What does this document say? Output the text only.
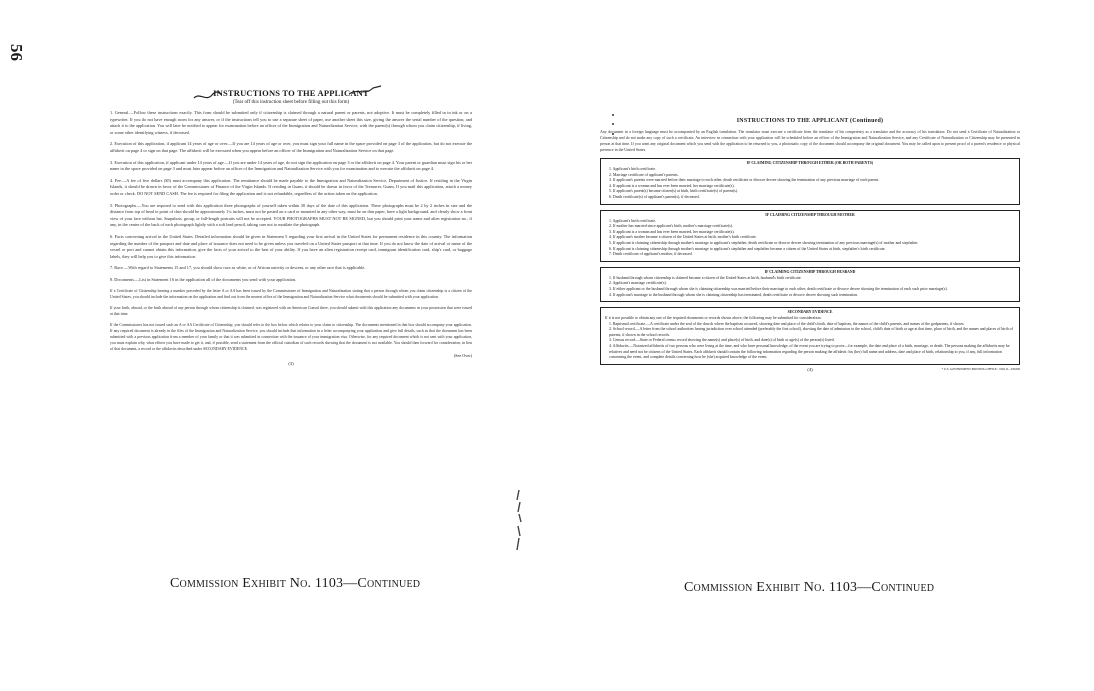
56
INSTRUCTIONS TO THE APPLICANT
(Tear off this instruction sheet before filling out this form)
1. General.—Follow these instructions exactly. This form should be submitted only if citizenship is claimed through a natural parent or parents, not adoptive. It must be completely filled in in ink or on a typewriter. If you do not have enough room for any answer, or if the instructions tell you to use a separate sheet of paper, use another sheet this size, giving the answer the serial number of the question, and attach it to the application. You will later be notified to appear for examination before an officer of the Immigration and Naturalization Service, with the parent(s) through whom you claim citizenship, if living, or some other identifying witness, if deceased.
2. Execution of this application, if applicant 14 years of age or over.—If you are 14 years of age or over, you must sign your full name in the space provided on page 3 of the application, but do not execute the affidavit on page 4 or sign on that page. The affidavit will be executed when you appear before an officer of the Immigration and Naturalization Service on that page.
3. Execution of this application, if applicant under 14 years of age.—If you are under 14 years of age, do not sign the application on page 3 or the affidavit on page 4. Your parent or guardian must sign his or her name in the space provided on page 3 and must later appear before an officer of the Immigration and Naturalization Service with you for examination and to execute the affidavit on page 4.
4. Fee.—A fee of five dollars ($5) must accompany this application. The remittance should be made payable to the Immigration and Naturalization Service, Department of Justice. If residing in the Virgin Islands, it should be drawn in favor of the Commissioner of Finance of the Virgin Islands. If residing in Guam, it should be drawn in favor of the Treasurer, Guam. If you mail this application, attach a money order or check. DO NOT SEND CASH. The fee is required for filing the application and is not refundable, regardless of the action taken on the application.
5. Photographs.—You are required to send with this application three photographs of yourself taken within 30 days of the date of this application. These photographs must be 2 by 2 inches in size and the distance from top of head to point of chin should be approximately 1¼ inches, must not be pasted on a card or mounted in any other way, must be on thin paper, have a light background, and clearly show a front view of your face without hat. Snapshots, group, or full-length portraits will not be accepted. YOUR PHOTOGRAPHS MUST NOT BE SIGNED, but you should print your name and alien registration no., if any, in the center of the back of each photograph lightly with a soft lead pencil, taking care not to mutilate the photograph.
6. Facts concerning arrival in the United States. Detailed information should be given in Statement 5 regarding your first arrival in the United States for permanent residence in this country. The information regarding the number of the passport and date and place of issuance does not need to be given unless you traveled on a United States passport at that time. If you do not know the date of arrival or name of the vessel or port and cannot obtain this information, give the facts of your arrival to the best of your ability. If you have an alien registration receipt card, immigrant identification card, ship's card, or baggage labels, they will help you to give this information.
7. Race.—With regard to Statements 15 and 17, you should show race as white, or of African nativity or descent, or any other race that is applicable.
8. Documents.—List in Statement 16 in the application all of the documents you send with your application.
If a Certificate of Citizenship bearing a number preceded by the letter A or AA has been issued by the Commissioner of Immigration and Naturalization stating that a person through whom you claim citizenship is a citizen of the United States, you should include the information on the application and find out from the nearest office of the Immigration and Naturalization Service what documents should be submitted with your application.
If your birth, abroad, or the birth abroad of any person through whom citizenship is claimed, was registered with an American Consul there, you should submit with this application any documents in your possession that were issued at that time.
If the Commissioner has not issued such an A or AA Certificate of Citizenship, you should refer to the box below which relates to your claim to citizenship. The documents mentioned in that box should accompany your application. If any required document is already in the files of the Immigration and Naturalization Service, you should include that information in a letter accompanying your application and give full details, such as that the document has been submitted with a previous application from a member of your family or that it was submitted in connection with the issuance of your immigration visa. Otherwise, for any required document which is not sent with your application, you must explain why, what efforts you have made to get it, and, if possible, send a statement from the official custodian of such records showing that the document is not available. You should then forward for consideration, in lieu of that document, a record or the affidavits described under SECONDARY EVIDENCE.
(See Over)
(3)
INSTRUCTIONS TO THE APPLICANT (Continued)
Any document in a foreign language must be accompanied by an English translation. The translator must execute a certificate from the translator of his competency as a translator and the accuracy of his translation. Do not send a Certificate of Naturalization or Citizenship and do not make any copy of such a certificate. An interview in connection with your application will be scheduled before an officer of the Immigration and Naturalization Service, and any Certificate of Naturalization or Citizenship may be presented in person at that time. If you want any original document which you send with the application to be returned to you, a photostatic copy of the document should accompany the original document. You may be called upon to present proof of a parent's residence or physical presence in the United States.
IF CLAIMING CITIZENSHIP THROUGH EITHER (OR BOTH PARENTS)
1. Applicant's birth certificate.
2. Marriage certificate of applicant's parents.
3. If applicant's parents were married before their marriage to each other, death certificate or divorce decree showing the termination of any previous marriage of each parent.
4. If applicant is a woman and has ever been married, her marriage certificate(s).
5. If applicant's parent(s) became citizen(s) at birth, birth certificate(s) of parent(s).
6. Death certificate(s) of applicant's parent(s), if deceased.
IF CLAIMING CITIZENSHIP THROUGH MOTHER
1. Applicant's birth certificate.
2. If mother has married since applicant's birth, mother's marriage certificate(s).
3. If applicant is a woman and has ever been married, her marriage certificate(s).
4. If applicant's mother became a citizen of the United States at birth, mother's birth certificate.
5. If applicant is claiming citizenship through mother's marriage to applicant's stepfather, death certificate or divorce decree showing termination of any previous marriage(s) of mother and stepfather.
6. If applicant is claiming citizenship through mother's marriage to applicant's stepfather and stepfather became a citizen of the United States at birth, stepfather's birth certificate.
7. Death certificate of applicant's mother, if deceased.
IF CLAIMING CITIZENSHIP THROUGH HUSBAND
1. If husband through whom citizenship is claimed became a citizen of the United States at birth, husband's birth certificate.
2. Applicant's marriage certificate(s).
3. If either applicant or the husband through whom she is claiming citizenship was married before their marriage to each other, death certificate or divorce decree showing the termination of each such prior marriage(s).
4. If applicant's marriage to the husband through whom she is claiming citizenship has terminated, death certificate or divorce decree showing such termination.
SECONDARY EVIDENCE
If it is not possible to obtain any one of the required documents or records shown above, the following may be submitted for consideration:
1. Baptismal certificate.—A certificate under the seal of the church where the baptism occurred, showing date and place of the child's birth, date of baptism, the names of the child's parents, and names of the godparents, if shown.
2. School record.—A letter from the school authorities having jurisdiction over school attended (preferably the first school), showing the date of admission to the school, child's date of birth or age at that time, place of birth, and the names and places of birth of parents, if shown in the school records.
3. Census record.—State or Federal census record showing the name(s) and place(s) of birth, and date(s) of birth or age(s) of the person(s) listed.
4. Affidavits.—Notarized affidavits of two persons who were living at the time, and who have personal knowledge, of the event you are trying to prove—for example, the date and place of a birth, marriage, or death. The persons making the affidavits may be relatives and need not be citizens of the United States. Each affidavit should contain the following information regarding the person making the affidavit: his (her) full name and address, date and place of birth, relationship to you, if any, full information concerning the event, and complete details concerning how he (she) acquired knowledge of the event.
(4)	* U.S. GOVERNMENT PRINTING OFFICE : 1962 O—636309
Commission Exhibit No. 1103—Continued	Commission Exhibit No. 1103—Continued
